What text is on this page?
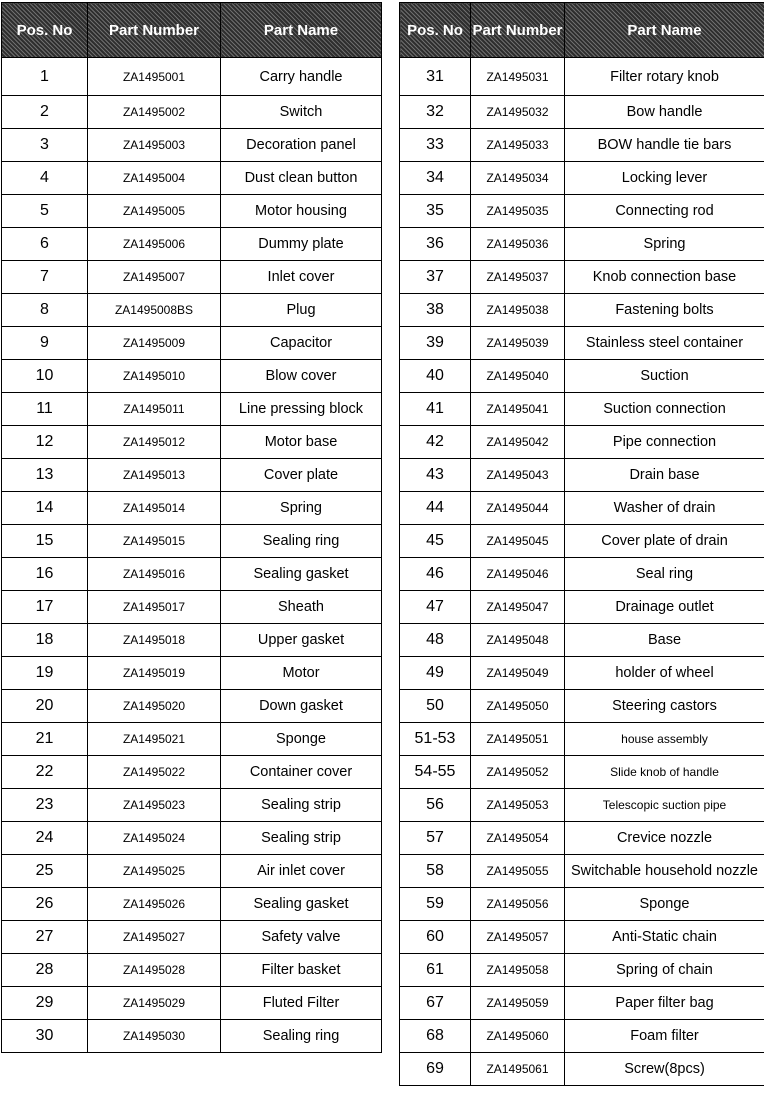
Pos. No	Part Number	Part Name
1	ZA1495001	Carry handle
2	ZA1495002	Switch
3	ZA1495003	Decoration panel
4	ZA1495004	Dust clean button
5	ZA1495005	Motor housing
6	ZA1495006	Dummy plate
7	ZA1495007	Inlet cover
8	ZA1495008BS	Plug
9	ZA1495009	Capacitor
10	ZA1495010	Blow cover
11	ZA1495011	Line pressing block
12	ZA1495012	Motor base
13	ZA1495013	Cover plate
14	ZA1495014	Spring
15	ZA1495015	Sealing ring
16	ZA1495016	Sealing gasket
17	ZA1495017	Sheath
18	ZA1495018	Upper gasket
19	ZA1495019	Motor
20	ZA1495020	Down gasket
21	ZA1495021	Sponge
22	ZA1495022	Container cover
23	ZA1495023	Sealing strip
24	ZA1495024	Sealing strip
25	ZA1495025	Air inlet cover
26	ZA1495026	Sealing gasket
27	ZA1495027	Safety valve
28	ZA1495028	Filter basket
29	ZA1495029	Fluted Filter
30	ZA1495030	Sealing ring
Pos. No	Part Number	Part Name
31	ZA1495031	Filter rotary knob
32	ZA1495032	Bow handle
33	ZA1495033	BOW handle tie bars
34	ZA1495034	Locking lever
35	ZA1495035	Connecting rod
36	ZA1495036	Spring
37	ZA1495037	Knob connection base
38	ZA1495038	Fastening bolts
39	ZA1495039	Stainless steel container
40	ZA1495040	Suction
41	ZA1495041	Suction connection
42	ZA1495042	Pipe connection
43	ZA1495043	Drain base
44	ZA1495044	Washer of drain
45	ZA1495045	Cover plate of drain
46	ZA1495046	Seal ring
47	ZA1495047	Drainage outlet
48	ZA1495048	Base
49	ZA1495049	holder of wheel
50	ZA1495050	Steering castors
51-53	ZA1495051	house assembly
54-55	ZA1495052	Slide knob of handle
56	ZA1495053	Telescopic suction pipe
57	ZA1495054	Crevice nozzle
58	ZA1495055	Switchable household nozzle
59	ZA1495056	Sponge
60	ZA1495057	Anti-Static chain
61	ZA1495058	Spring of chain
67	ZA1495059	Paper filter bag
68	ZA1495060	Foam filter
69	ZA1495061	Screw(8pcs)
